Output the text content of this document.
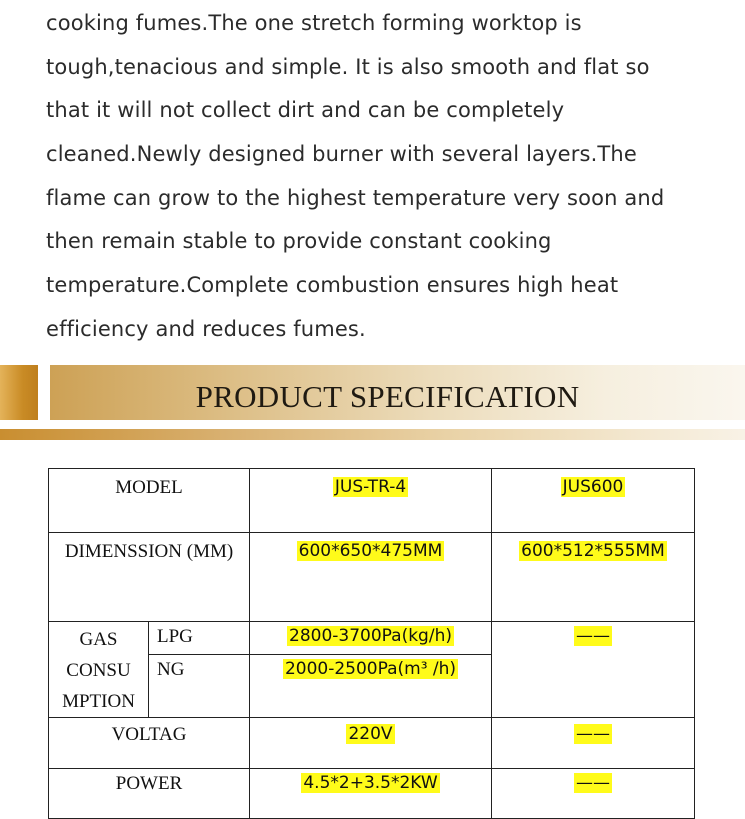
cooking fumes.The one stretch forming worktop is
tough,tenacious and simple. It is also smooth and flat so
that it will not collect dirt and can be completely
cleaned.Newly designed burner with several layers.The
flame can grow to the highest temperature very soon and
then remain stable to provide constant cooking
temperature.Complete combustion ensures high heat
efficiency and reduces fumes.
PRODUCT SPECIFICATION
MODEL		JUS-TR-4	JUS600

DIMENSSION (MM)		600*650*475MM	600*512*555MM

GAS
CONSU
MPTION	LPG	2800-3700Pa(kg/h)	——
	NG	2000-2500Pa(m³ /h)	

VOLTAG		220V	——

POWER		4.5*2+3.5*2KW	——
